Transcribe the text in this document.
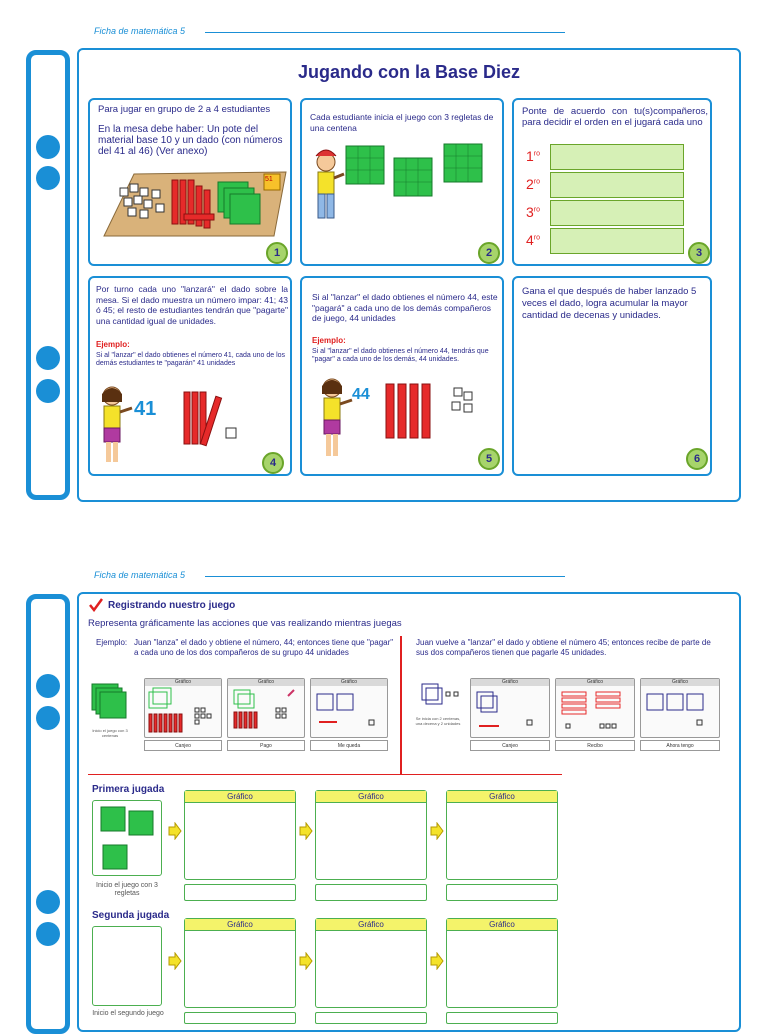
Ficha de matemática 5
Jugando con la Base Diez
Para jugar en grupo de 2 a 4 estudiantes
En la mesa debe haber: Un pote del material base 10 y un dado (con números del 41 al 46) (Ver anexo)
51
1
Cada estudiante inicia el juego con 3 regletas de una centena
2
Ponte de acuerdo con tu(s)compañeros, para decidir el orden en el jugará cada uno
$1^{ro}$
$2^{ro}$
$3^{ro}$
$4^{ro}$
3
Por turno cada uno "lanzará" el dado sobre la mesa. Si el dado muestra un número impar: 41; 43 ó 45; el resto de estudiantes tendrán que "pagarte" una cantidad igual de unidades.
Ejemplo:
Si al "lanzar" el dado obtienes el número 41, cada uno de los demás estudiantes te "pagarán" 41 unidades
41
4
Si al "lanzar" el dado obtienes el número 44, este "pagará" a cada uno de los demás compañeros de juego, 44 unidades
Ejemplo:
Si al "lanzar" el dado obtienes el número 44, tendrás que "pagar" a cada uno de los demás, 44 unidades.
44
5
Gana el que después de haber lanzado 5 veces el dado, logra acumular la mayor cantidad de decenas y unidades.
6
Ficha de matemática 5
Registrando nuestro juego
Representa gráficamente las acciones que vas realizando mientras juegas
Ejemplo: Juan "lanza" el dado y obtiene el número, 44; entonces tiene que "pagar" a cada uno de los dos compañeros de su grupo 44 unidades
Juan vuelve a "lanzar" el dado y obtiene el número 45; entonces recibe de parte de sus dos compañeros tienen que pagarle 45 unidades.
Inicio el juego con 3 centenas
Gráfico
Canjeo
Gráfico
Pago
Gráfico
Me queda
Se inicia con 2 centenas, una decena y 2 unidades
Gráfico
Canjeo
Gráfico
Recibo
Gráfico
Ahora tengo
Primera jugada
Inicio el juego con 3 regletas
Gráfico	Gráfico	Gráfico
Segunda jugada
Inicio el segundo juego
Gráfico	Gráfico	Gráfico
